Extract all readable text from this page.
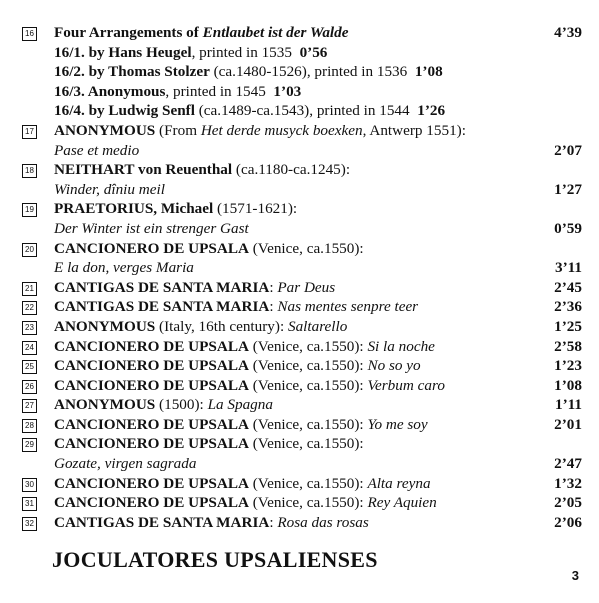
16	Four Arrangements of Entlaubet ist der Walde	4’39
16/1. by Hans Heugel, printed in 1535  0’56
16/2. by Thomas Stolzer (ca.1480-1526), printed in 1536  1’08
16/3. Anonymous, printed in 1545  1’03
16/4. by Ludwig Senfl (ca.1489-ca.1543), printed in 1544  1’26
17	ANONYMOUS (From Het derde musyck boexken, Antwerp 1551):
Pase et medio	2’07
18	NEITHART von Reuenthal (ca.1180-ca.1245):
Winder, dîniu meil	1’27
19	PRAETORIUS, Michael (1571-1621):
Der Winter ist ein strenger Gast	0’59
20	CANCIONERO DE UPSALA (Venice, ca.1550):
E la don, verges Maria	3’11
21	CANTIGAS DE SANTA MARIA: Par Deus	2’45
22	CANTIGAS DE SANTA MARIA: Nas mentes senpre teer	2’36
23	ANONYMOUS (Italy, 16th century): Saltarello	1’25
24	CANCIONERO DE UPSALA (Venice, ca.1550): Si la noche	2’58
25	CANCIONERO DE UPSALA (Venice, ca.1550): No so yo	1’23
26	CANCIONERO DE UPSALA (Venice, ca.1550): Verbum caro	1’08
27	ANONYMOUS (1500): La Spagna	1’11
28	CANCIONERO DE UPSALA (Venice, ca.1550): Yo me soy	2’01
29	CANCIONERO DE UPSALA (Venice, ca.1550):
Gozate, virgen sagrada	2’47
30	CANCIONERO DE UPSALA (Venice, ca.1550): Alta reyna	1’32
31	CANCIONERO DE UPSALA (Venice, ca.1550): Rey Aquien	2’05
32	CANTIGAS DE SANTA MARIA: Rosa das rosas	2’06
JOCULATORES UPSALIENSES
3
